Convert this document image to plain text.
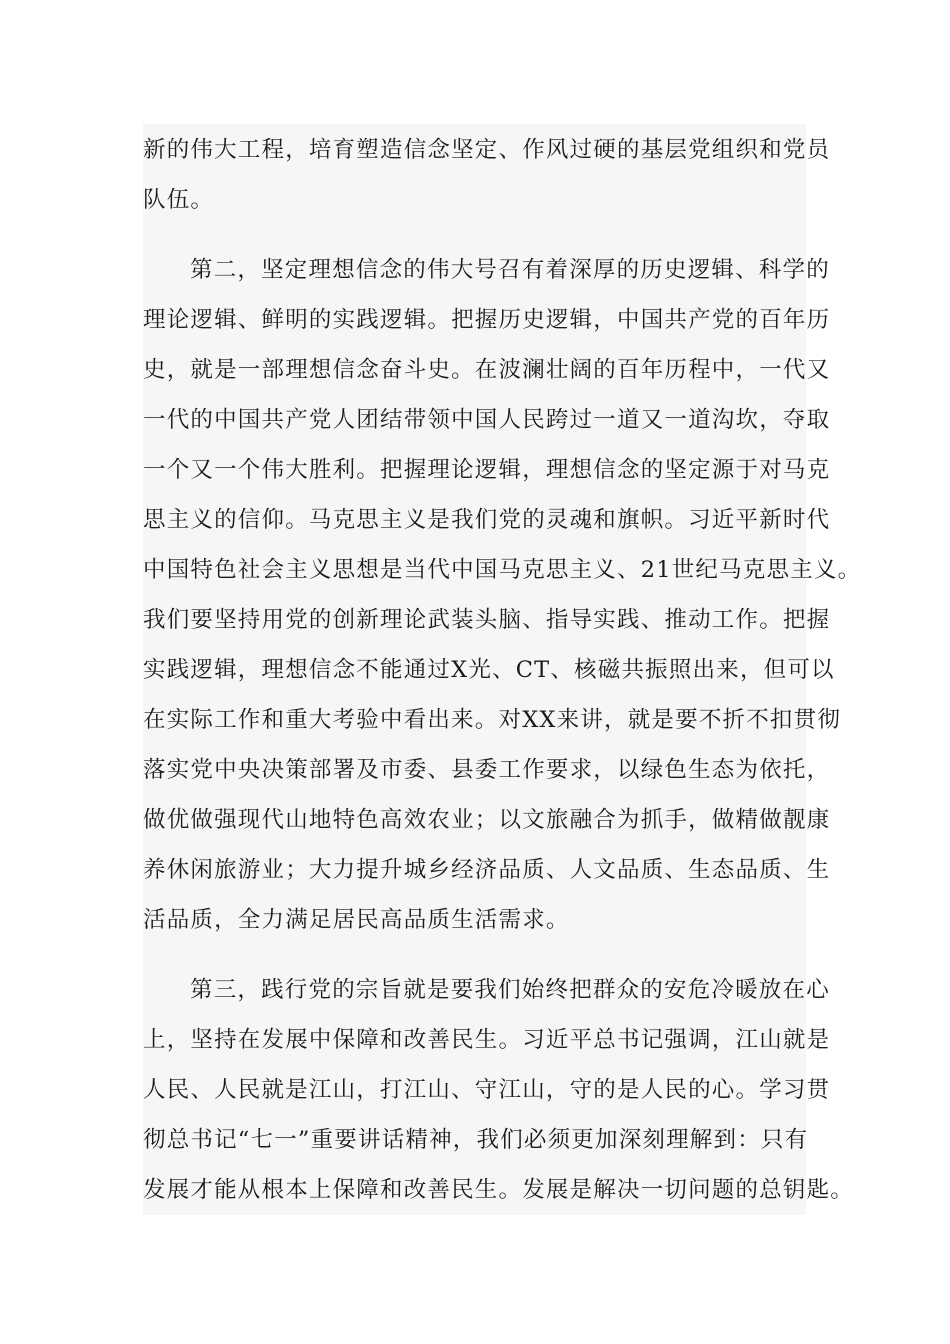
新的伟大工程，培育塑造信念坚定、作风过硬的基层党组织和党员
队伍。
第二，坚定理想信念的伟大号召有着深厚的历史逻辑、科学的
理论逻辑、鲜明的实践逻辑。把握历史逻辑，中国共产党的百年历
史，就是一部理想信念奋斗史。在波澜壮阔的百年历程中，一代又
一代的中国共产党人团结带领中国人民跨过一道又一道沟坎，夺取
一个又一个伟大胜利。把握理论逻辑，理想信念的坚定源于对马克
思主义的信仰。马克思主义是我们党的灵魂和旗帜。习近平新时代
中国特色社会主义思想是当代中国马克思主义、21世纪马克思主义。
我们要坚持用党的创新理论武装头脑、指导实践、推动工作。把握
实践逻辑，理想信念不能通过X光、CT、核磁共振照出来，但可以
在实际工作和重大考验中看出来。对XX来讲，就是要不折不扣贯彻
落实党中央决策部署及市委、县委工作要求，以绿色生态为依托，
做优做强现代山地特色高效农业；以文旅融合为抓手，做精做靓康
养休闲旅游业；大力提升城乡经济品质、人文品质、生态品质、生
活品质，全力满足居民高品质生活需求。
第三，践行党的宗旨就是要我们始终把群众的安危冷暖放在心
上，坚持在发展中保障和改善民生。习近平总书记强调，江山就是
人民、人民就是江山，打江山、守江山，守的是人民的心。学习贯
彻总书记“七一”重要讲话精神，我们必须更加深刻理解到：只有
发展才能从根本上保障和改善民生。发展是解决一切问题的总钥匙。
